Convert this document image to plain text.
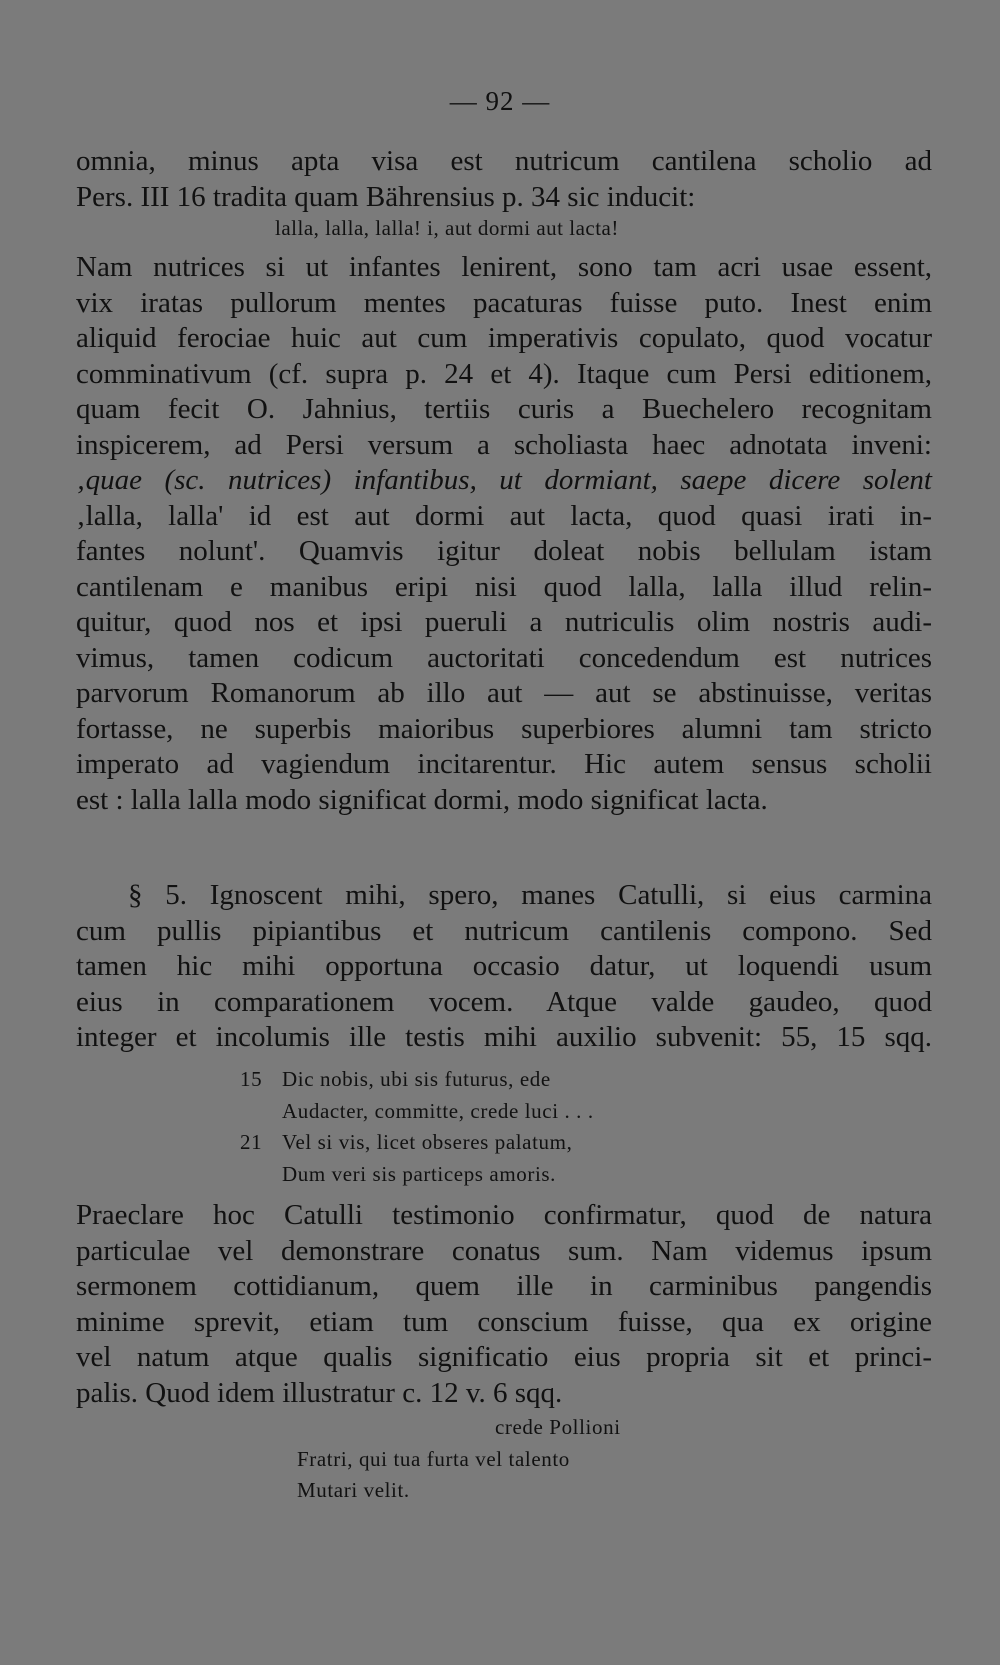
— 92 —
omnia, minus apta visa est nutricum cantilena scholio ad
Pers. III 16 tradita quam Bährensius p. 34 sic inducit:
lalla, lalla, lalla! i, aut dormi aut lacta!
Nam nutrices si ut infantes lenirent, sono tam acri usae essent,
vix iratas pullorum mentes pacaturas fuisse puto. Inest enim
aliquid ferociae huic aut cum imperativis copulato, quod vocatur
comminativum (cf. supra p. 24 et 4). Itaque cum Persi editionem,
quam fecit O. Jahnius, tertiis curis a Buechelero recognitam
inspicerem, ad Persi versum a scholiasta haec adnotata inveni:
‚quae (sc. nutrices) infantibus, ut dormiant, saepe dicere solent
‚lalla, lalla' id est aut dormi aut lacta, quod quasi irati in-
fantes nolunt'. Quamvis igitur doleat nobis bellulam istam
cantilenam e manibus eripi nisi quod lalla, lalla illud relin-
quitur, quod nos et ipsi pueruli a nutriculis olim nostris audi-
vimus, tamen codicum auctoritati concedendum est nutrices
parvorum Romanorum ab illo aut — aut se abstinuisse, veritas
fortasse, ne superbis maioribus superbiores alumni tam stricto
imperato ad vagiendum incitarentur. Hic autem sensus scholii
est : lalla lalla modo significat dormi, modo significat lacta.
§ 5. Ignoscent mihi, spero, manes Catulli, si eius carmina
cum pullis pipiantibus et nutricum cantilenis compono. Sed
tamen hic mihi opportuna occasio datur, ut loquendi usum
eius in comparationem vocem. Atque valde gaudeo, quod
integer et incolumis ille testis mihi auxilio subvenit: 55, 15 sqq.
15 Dic nobis, ubi sis futurus, ede
Audacter, committe, crede luci . . .
21 Vel si vis, licet obseres palatum,
Dum veri sis particeps amoris.
Praeclare hoc Catulli testimonio confirmatur, quod de natura
particulae vel demonstrare conatus sum. Nam videmus ipsum
sermonem cottidianum, quem ille in carminibus pangendis
minime sprevit, etiam tum conscium fuisse, qua ex origine
vel natum atque qualis significatio eius propria sit et princi-
palis. Quod idem illustratur c. 12 v. 6 sqq.
crede Pollioni
Fratri, qui tua furta vel talento
Mutari velit.
